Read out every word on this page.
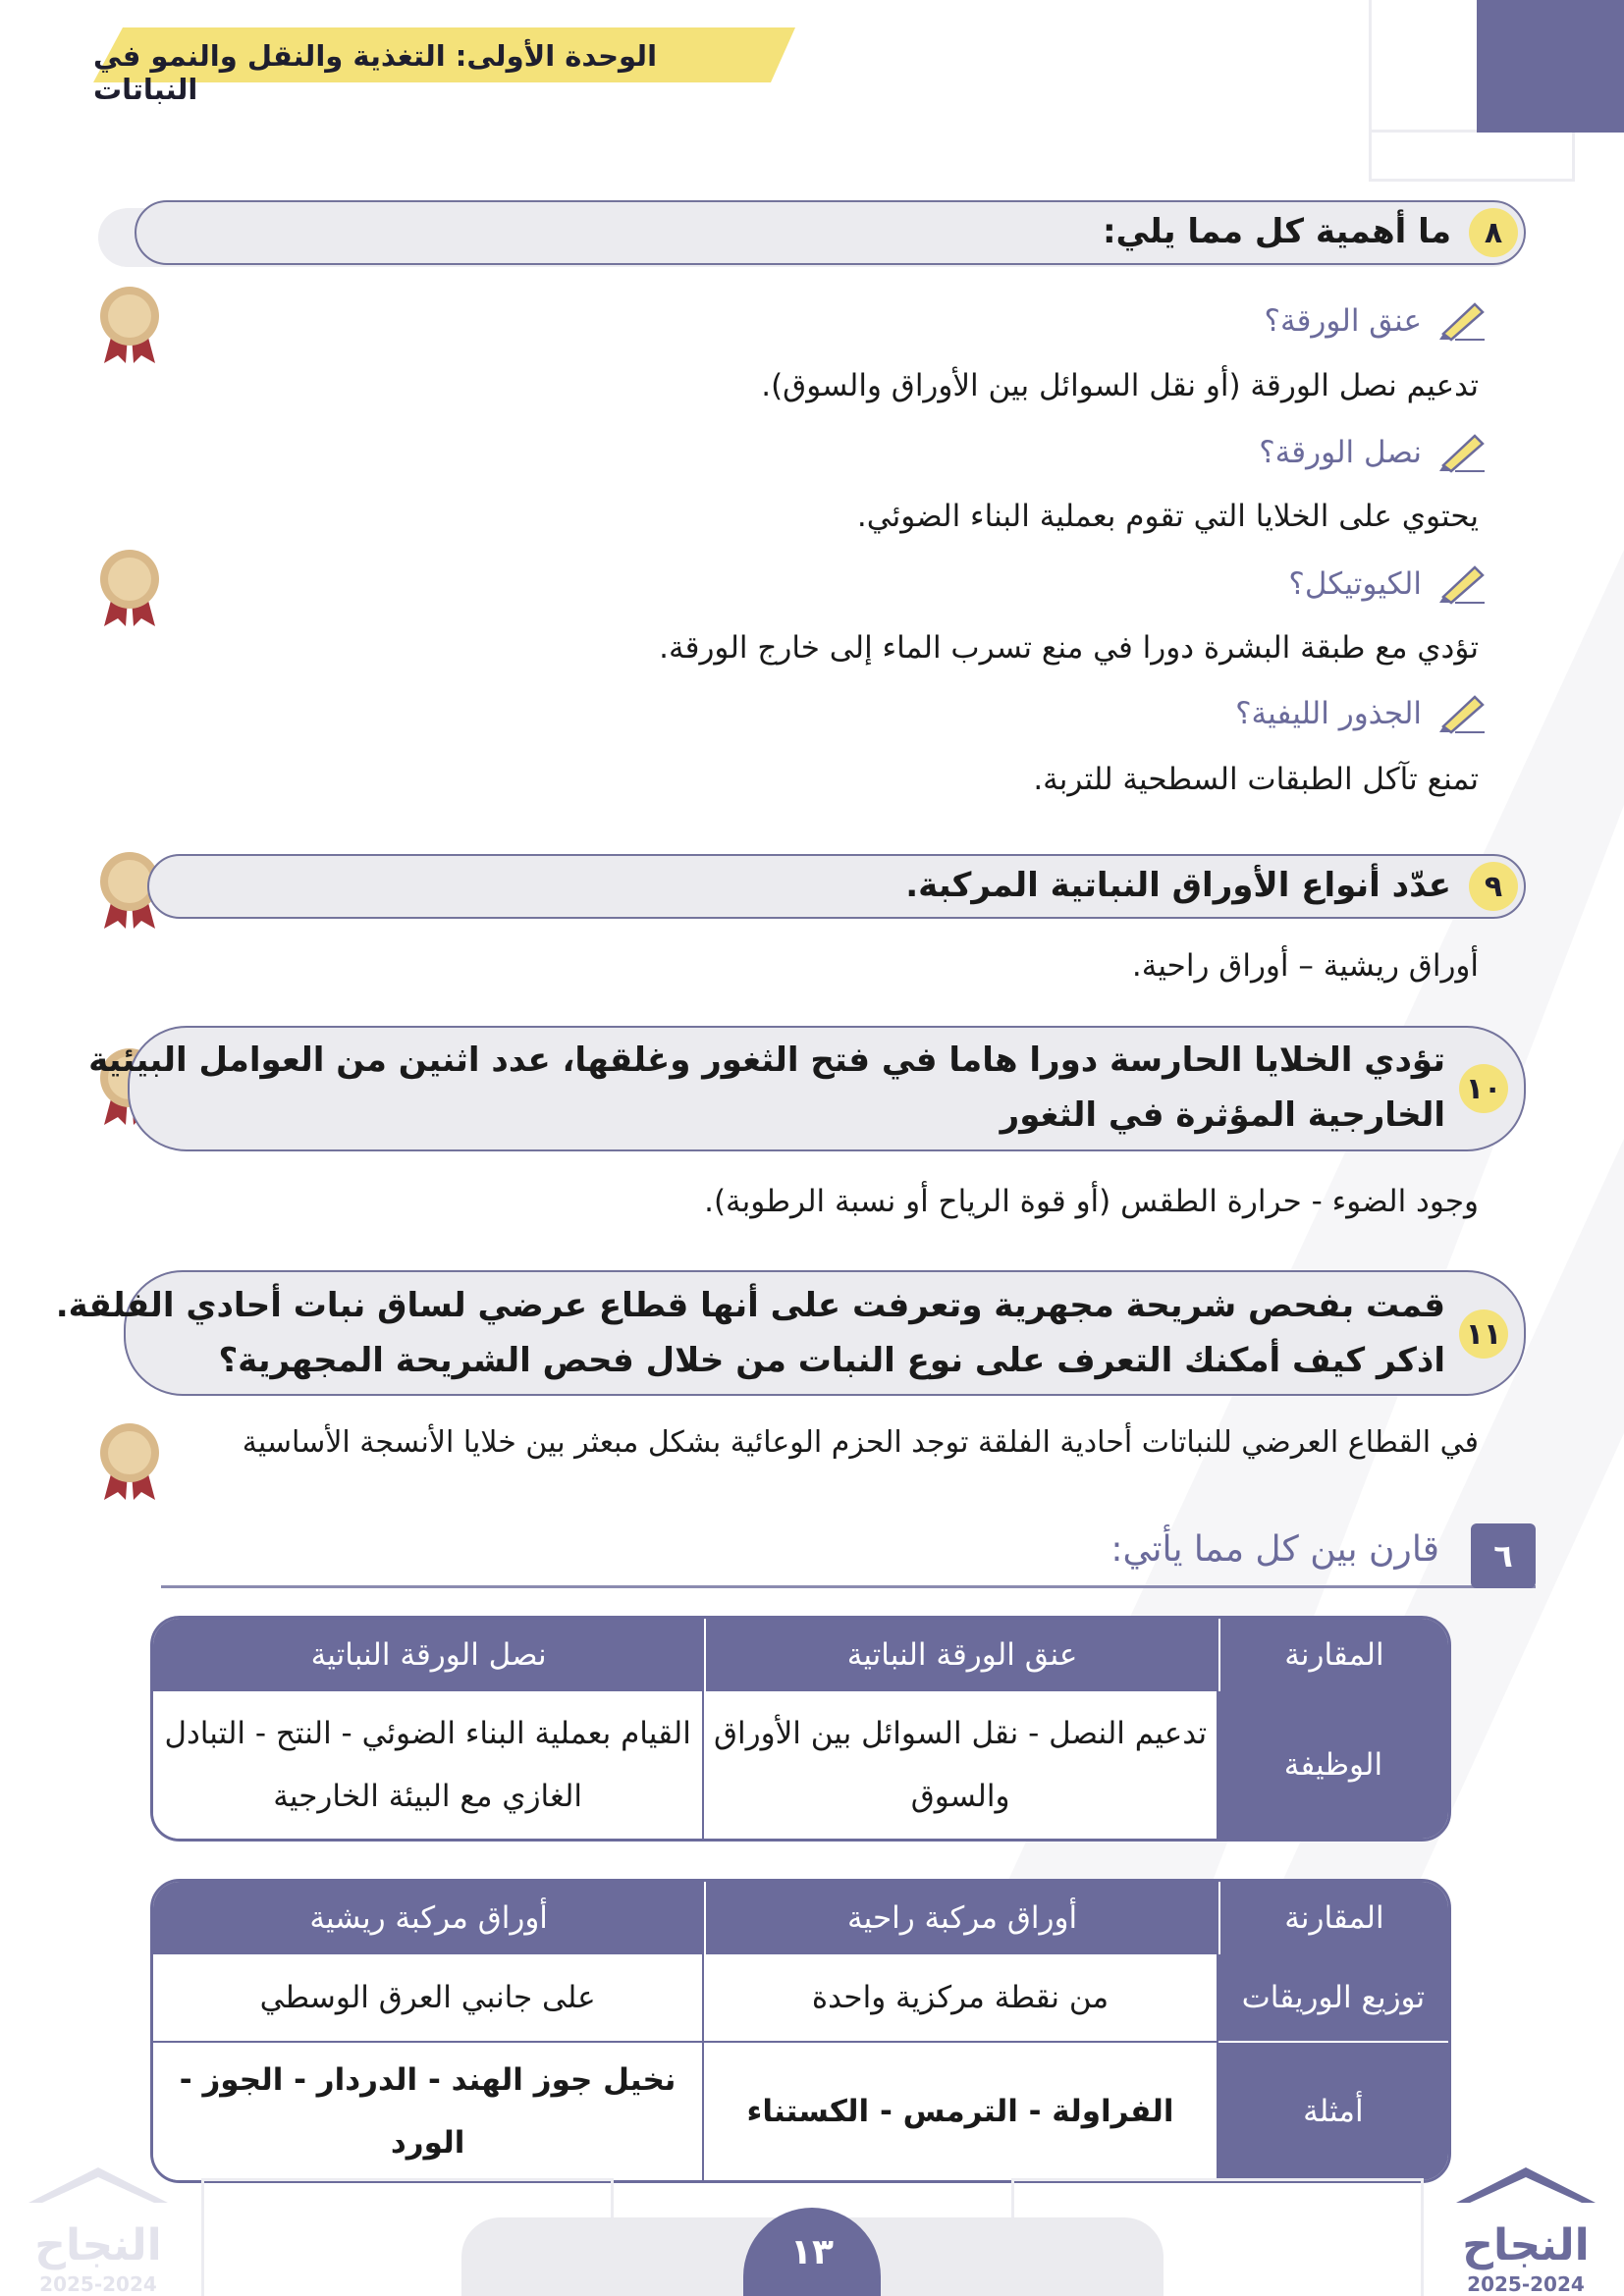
الوحدة الأولى: التغذية والنقل والنمو في النباتات
٨
ما أهمية كل مما يلي:
عنق الورقة؟
تدعيم نصل الورقة (أو نقل السوائل بين الأوراق والسوق).
نصل الورقة؟
يحتوي على الخلايا التي تقوم بعملية البناء الضوئي.
الكيوتيكل؟
تؤدي مع طبقة البشرة دورا في منع تسرب الماء إلى خارج الورقة.
الجذور الليفية؟
تمنع تآكل الطبقات السطحية للتربة.
٩
عدّد أنواع الأوراق النباتية المركبة.
أوراق ريشية – أوراق راحية.
١٠
تؤدي الخلايا الحارسة دورا هاما في فتح الثغور وغلقها، عدد اثنين من العوامل البيئية
الخارجية المؤثرة في الثغور
وجود الضوء - حرارة الطقس (أو قوة الرياح أو نسبة الرطوبة).
١١
قمت بفحص شريحة مجهرية وتعرفت على أنها قطاع عرضي لساق نبات أحادي الفلقة.
اذكر كيف أمكنك التعرف على نوع النبات من خلال فحص الشريحة المجهرية؟
في القطاع العرضي للنباتات أحادية الفلقة توجد الحزم الوعائية بشكل مبعثر بين خلايا الأنسجة الأساسية
٦
قارن بين كل مما يأتي:
المقارنة	عنق الورقة النباتية	نصل الورقة النباتية
الوظيفة	تدعيم النصل - نقل السوائل بين الأوراق والسوق	القيام بعملية البناء الضوئي - النتح - التبادل الغازي مع البيئة الخارجية
المقارنة	أوراق مركبة راحية	أوراق مركبة ريشية
توزيع الوريقات	من نقطة مركزية واحدة	على جانبي العرق الوسطي
أمثلة	الفراولة - الترمس - الكستناء	نخيل جوز الهند - الدردار - الجوز - الورد
١٣
النجاح
2025-2024
النجاح
2025-2024
